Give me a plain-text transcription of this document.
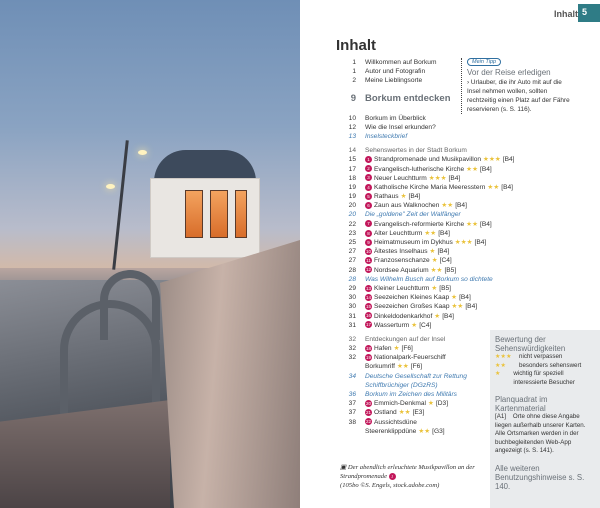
Inhalt 5
Inhalt
1 Willkommen auf Borkum
1 Autor und Fotografin
2 Meine Lieblingsorte
9 Borkum entdecken
10 Borkum im Überblick
12 Wie die Insel erkunden?
13 Inselsteckbrief
14 Sehenswertes in der Stadt Borkum
15	1 Strandpromenade und Musikpavillon ★★★ [B4]
17	2 Evangelisch-lutherische Kirche ★★ [B4]
18	3 Neuer Leuchtturm ★★★ [B4]
19	4 Katholische Kirche Maria Meeresstern ★★ [B4]
19	5 Rathaus ★ [B4]
20	6 Zaun aus Walknochen ★★ [B4]
20 Die „goldene" Zeit der Walfänger
22	7 Evangelisch-reformierte Kirche ★★ [B4]
23	8 Alter Leuchtturm ★★ [B4]
25	9 Heimatmuseum im Dykhus ★★★ [B4]
27 10 Ältestes Inselhaus ★ [B4]
27 11 Franzosenschanze ★ [C4]
28 12 Nordsee Aquarium ★★ [B5]
28 Was Wilhelm Busch auf Borkum so dichtete
29 13 Kleiner Leuchtturm ★ [B5]
30 14 Seezeichen Kleines Kaap ★ [B4]
30 15 Seezeichen Großes Kaap ★★ [B4]
31 16 Dinkeldodenkarkhof ★ [B4]
31 17 Wasserturm ★ [C4]
32 Entdeckungen auf der Insel
32 18 Hafen ★ [F6]
32 19 Nationalpark-Feuerschiff
Borkumriff ★★ [F6]
34 Deutsche Gesellschaft zur Rettung
Schiffbrüchiger (DGzRS)
36 Borkum im Zeichen des Militärs
37 20 Emmich-Denkmal ★ [D3]
37 21 Ostland ★★ [E3]
38 22 Aussichtsdüne
Steerenklippdüne ★★ [G3]
Mein Tipp
Vor der Reise erledigen
› Urlauber, die ihr Auto mit auf die Insel nehmen wollen, sollten rechtzeitig einen Platz auf der Fähre reservieren (s. S. 116).
Bewertung der Sehenswürdigkeiten
★★★	nicht verpassen
★★	besonders sehenswert
★	wichtig für speziell interessierte Besucher
Planquadrat im Kartenmaterial
[A1] Orte ohne diese Angabe liegen außerhalb unserer Karten. Alle Ortsmarken werden in der buchbegleitenden Web-App angezeigt (s. S. 141).
Alle weiteren Benutzungshinweise s. S. 140.
▣ Der abendlich erleuchtete Musikpavillon an der Strandpromenade 1
(105bo ©S. Engels, stock.adobe.com)
